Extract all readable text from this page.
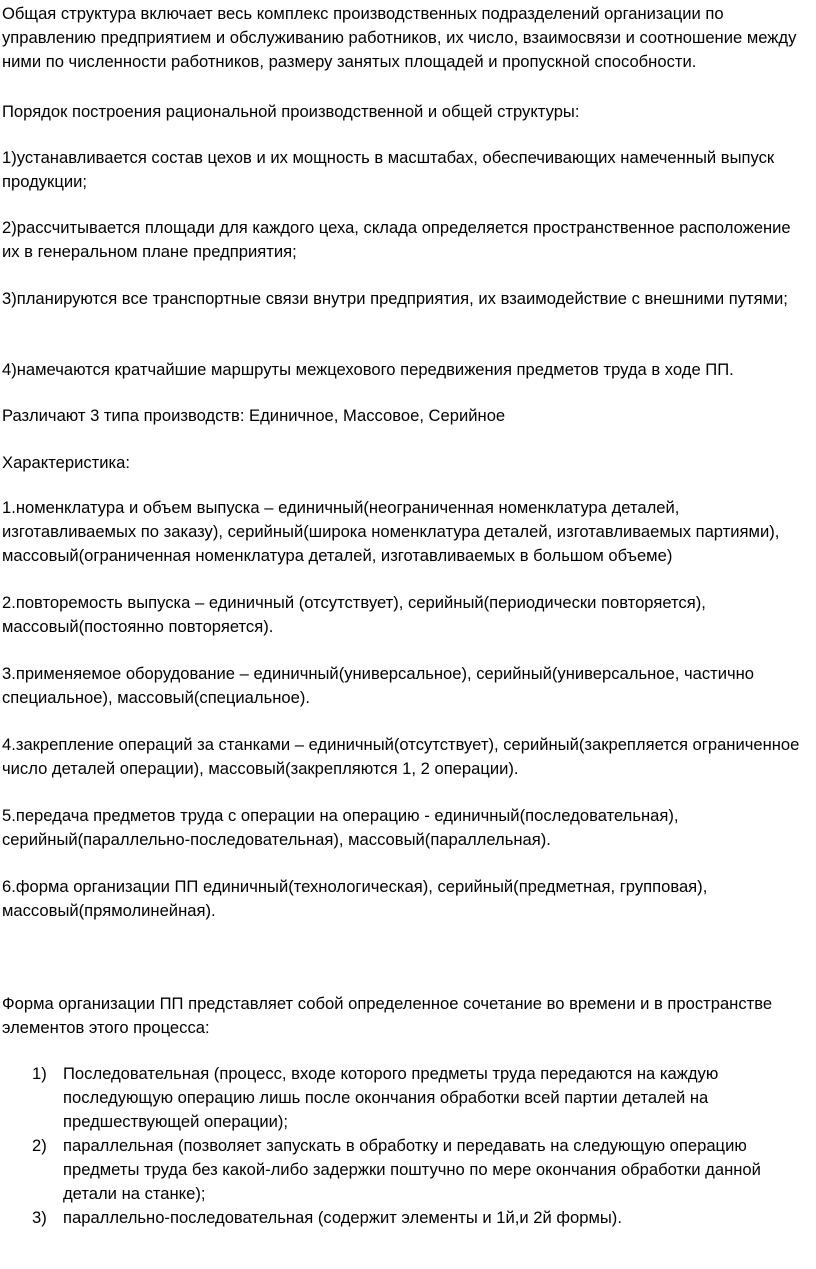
Общая структура включает весь комплекс производственных подразделений организации по управлению предприятием и обслуживанию работников, их число, взаимосвязи и соотношение между ними по численности работников, размеру занятых площадей и пропускной способности.

Порядок построения рациональной производственной и общей структуры:

1)устанавливается состав цехов и их мощность в масштабах, обеспечивающих намеченный выпуск продукции;

2)рассчитывается площади для каждого цеха, склада определяется пространственное расположение их в генеральном плане предприятия;

3)планируются все транспортные связи внутри предприятия, их взаимодействие с внешними путями;

4)намечаются кратчайшие маршруты межцехового передвижения предметов труда в ходе ПП.

Различают 3 типа производств: Единичное, Массовое, Серийное

Характеристика:

1.номенклатура и объем выпуска – единичный(неограниченная номенклатура деталей, изготавливаемых по заказу), серийный(широка номенклатура деталей, изготавливаемых партиями), массовый(ограниченная номенклатура деталей, изготавливаемых в большом объеме)

2.повторемость выпуска – единичный (отсутствует), серийный(периодически повторяется), массовый(постоянно повторяется).

3.применяемое оборудование – единичный(универсальное), серийный(универсальное, частично специальное), массовый(специальное).

4.закрепление операций за станками – единичный(отсутствует), серийный(закрепляется ограниченное число деталей операции), массовый(закрепляются 1, 2 операции).

5.передача предметов труда с операции на операцию - единичный(последовательная), серийный(параллельно-последовательная), массовый(параллельная).

6.форма организации ПП единичный(технологическая), серийный(предметная, групповая), массовый(прямолинейная).

Форма организации ПП представляет собой определенное сочетание во времени и в пространстве элементов этого процесса:

1) Последовательная (процесс, входе которого предметы труда передаются на каждую последующую операцию лишь после окончания обработки всей партии деталей на предшествующей операции);
2) параллельная (позволяет запускать в обработку и передавать на следующую операцию предметы труда без какой-либо задержки поштучно по мере окончания обработки данной детали на станке);
3) параллельно-последовательная (содержит элементы и 1й,и 2й формы).
